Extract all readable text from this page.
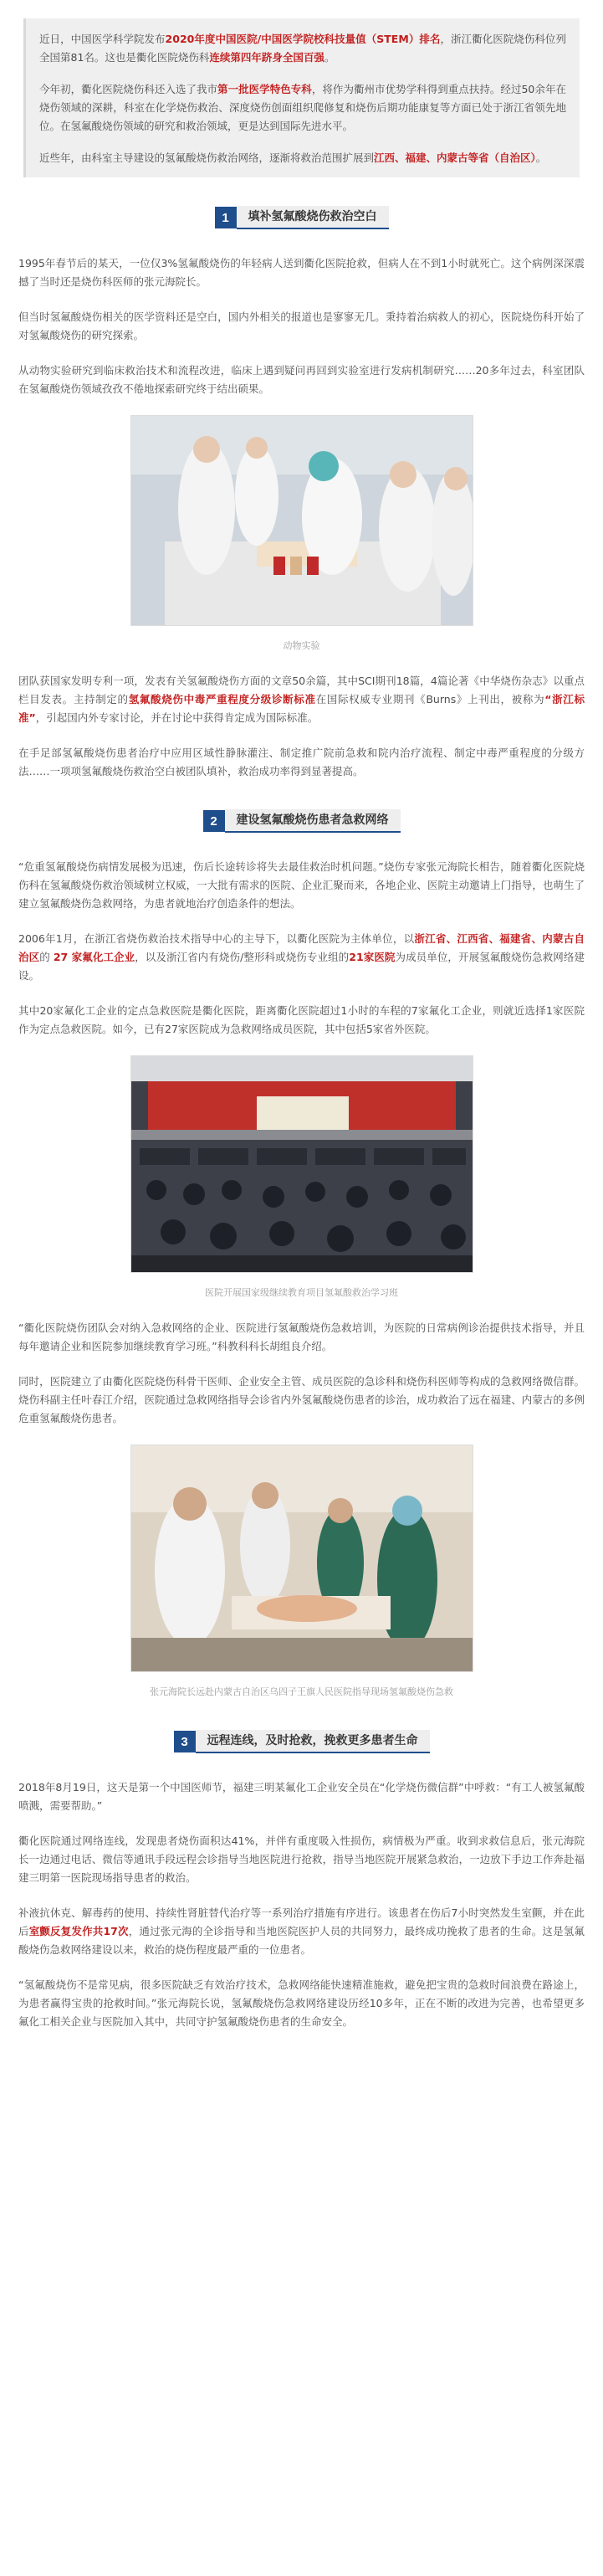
近日，中国医学科学院发布2020年度中国医院/中国医学院校科技量值（STEM）排名，浙江衢化医院烧伤科位列全国第81名。这也是衢化医院烧伤科连续第四年跻身全国百强。

今年初，衢化医院烧伤科还入选了我市第一批医学特色专科，将作为衢州市优势学科得到重点扶持。经过50余年在烧伤领域的深耕，科室在化学烧伤救治、深度烧伤创面组织爬修复和烧伤后期功能康复等方面已处于浙江省领先地位。在氢氟酸烧伤领域的研究和救治领域，更是达到国际先进水平。

近些年，由科室主导建设的氢氟酸烧伤救治网络，逐渐将救治范围扩展到江西、福建、内蒙古等省（自治区）。

1	填补氢氟酸烧伤救治空白

1995年春节后的某天，一位仅3%氢氟酸烧伤的年轻病人送到衢化医院抢救，但病人在不到1小时就死亡。这个病例深深震撼了当时还是烧伤科医师的张元海院长。

但当时氢氟酸烧伤相关的医学资料还是空白，国内外相关的报道也是寥寥无几。秉持着治病救人的初心，医院烧伤科开始了对氢氟酸烧伤的研究探索。

从动物实验研究到临床救治技术和流程改进，临床上遇到疑问再回到实验室进行发病机制研究……20多年过去，科室团队在氢氟酸烧伤领域孜孜不倦地探索研究终于结出硕果。

动物实验

团队获国家发明专利一项，发表有关氢氟酸烧伤方面的文章50余篇，其中SCI期刊18篇，4篇论著《中华烧伤杂志》以重点栏目发表。主持制定的氢氟酸烧伤中毒严重程度分级诊断标准在国际权威专业期刊《Burns》上刊出，被称为“浙江标准”，引起国内外专家讨论，并在讨论中获得肯定成为国际标准。

在手足部氢氟酸烧伤患者治疗中应用区域性静脉灌注、制定推广院前急救和院内治疗流程、制定中毒严重程度的分级方法……一项项氢氟酸烧伤救治空白被团队填补，救治成功率得到显著提高。

2	建设氢氟酸烧伤患者急救网络

“危重氢氟酸烧伤病情发展极为迅速，伤后长途转诊将失去最佳救治时机问题。”烧伤专家张元海院长相告，随着衢化医院烧伤科在氢氟酸烧伤救治领域树立权威，一大批有需求的医院、企业汇聚而来，各地企业、医院主动邀请上门指导，也萌生了建立氢氟酸烧伤急救网络，为患者就地治疗创造条件的想法。

2006年1月，在浙江省烧伤救治技术指导中心的主导下，以衢化医院为主体单位，以浙江省、江西省、福建省、内蒙古自治区的 27 家氟化工企业，以及浙江省内有烧伤/整形科或烧伤专业组的21家医院为成员单位，开展氢氟酸烧伤急救网络建设。

其中20家氟化工企业的定点急救医院是衢化医院，距离衢化医院超过1小时的车程的7家氟化工企业，则就近选择1家医院作为定点急救医院。如今，已有27家医院成为急救网络成员医院，其中包括5家省外医院。

医院开展国家级继续教育项目氢氟酸救治学习班

“衢化医院烧伤团队会对纳入急救网络的企业、医院进行氢氟酸烧伤急救培训，为医院的日常病例诊治提供技术指导，并且每年邀请企业和医院参加继续教育学习班。”科教科科长胡组良介绍。

同时，医院建立了由衢化医院烧伤科骨干医师、企业安全主管、成员医院的急诊科和烧伤科医师等构成的急救网络微信群。烧伤科副主任叶春江介绍，医院通过急救网络指导会诊省内外氢氟酸烧伤患者的诊治，成功救治了远在福建、内蒙古的多例危重氢氟酸烧伤患者。

张元海院长远赴内蒙古自治区乌四子王旗人民医院指导现场氢氟酸烧伤急救
3	远程连线，及时抢救，挽救更多患者生命

2018年8月19日，这天是第一个中国医师节，福建三明某氟化工企业安全员在“化学烧伤微信群”中呼救：“有工人被氢氟酸喷溅，需要帮助。”

衢化医院通过网络连线，发现患者烧伤面积达41%，并伴有重度吸入性损伤，病情极为严重。收到求救信息后，张元海院长一边通过电话、微信等通讯手段远程会诊指导当地医院进行抢救，指导当地医院开展紧急救治，一边放下手边工作奔赴福建三明第一医院现场指导患者的救治。

补液抗休克、解毒药的使用、持续性肾脏替代治疗等一系列治疗措施有序进行。该患者在伤后7小时突然发生室颤，并在此后室颤反复发作共17次，通过张元海的全诊指导和当地医院医护人员的共同努力，最终成功挽救了患者的生命。这是氢氟酸烧伤急救网络建设以来，救治的烧伤程度最严重的一位患者。

“氢氟酸烧伤不是常见病，很多医院缺乏有效治疗技术，急救网络能快速精准施救，避免把宝贵的急救时间浪费在路途上，为患者赢得宝贵的抢救时间。”张元海院长说，氢氟酸烧伤急救网络建设历经10多年，正在不断的改进为完善，也希望更多氟化工相关企业与医院加入其中，共同守护氢氟酸烧伤患者的生命安全。
